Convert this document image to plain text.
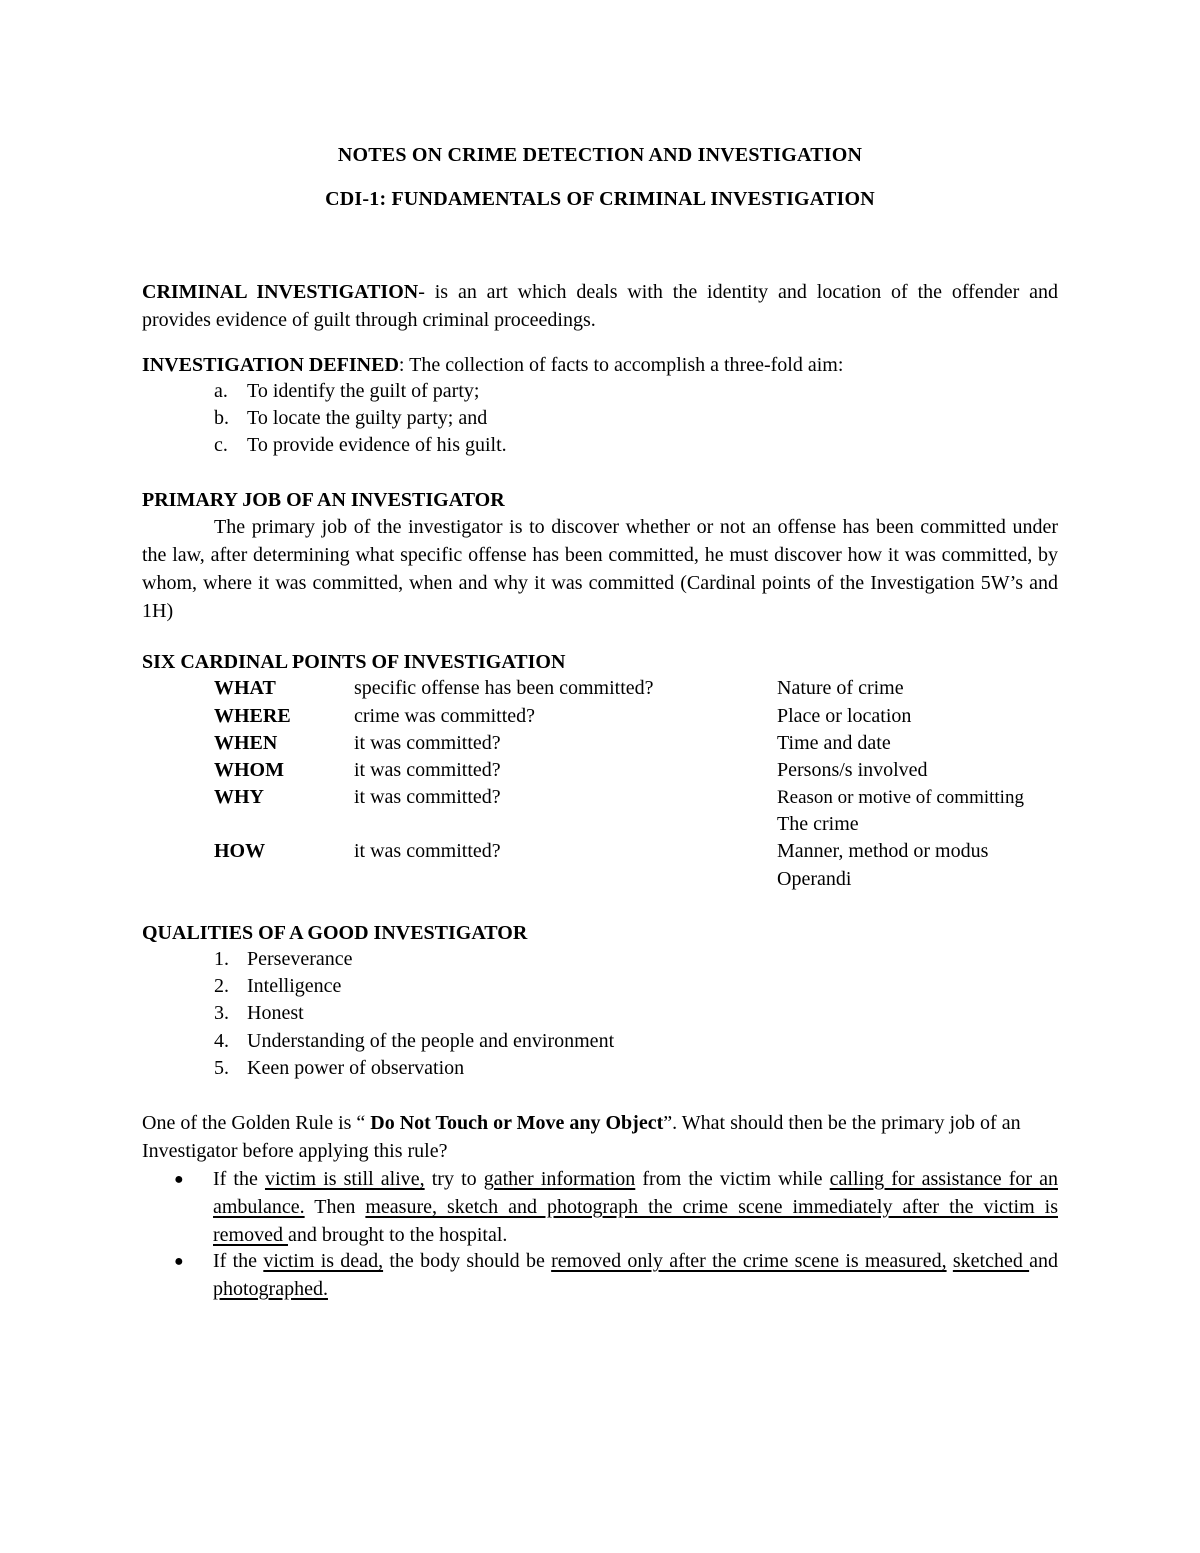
NOTES ON CRIME DETECTION AND INVESTIGATION
CDI-1: FUNDAMENTALS OF CRIMINAL INVESTIGATION
CRIMINAL INVESTIGATION- is an art which deals with the identity and location of the offender and provides evidence of guilt through criminal proceedings.
INVESTIGATION DEFINED: The collection of facts to accomplish a three-fold aim:
a. To identify the guilt of party;
b. To locate the guilty party; and
c. To provide evidence of his guilt.
PRIMARY JOB OF AN INVESTIGATOR
The primary job of the investigator is to discover whether or not an offense has been committed under the law, after determining what specific offense has been committed, he must discover how it was committed, by whom, where it was committed, when and why it was committed (Cardinal points of the Investigation 5W’s and 1H)
SIX CARDINAL POINTS OF INVESTIGATION
WHAT	specific offense has been committed?	Nature of crime
WHERE	crime was committed?	Place or location
WHEN	it was committed?	Time and date
WHOM	it was committed?	Persons/s involved
WHY	it was committed?	Reason or motive of committing
The crime
HOW	it was committed?	Manner, method or modus
Operandi
QUALITIES OF A GOOD INVESTIGATOR
1. Perseverance
2. Intelligence
3. Honest
4. Understanding of the people and environment
5. Keen power of observation
One of the Golden Rule is “ Do Not Touch or Move any Object”. What should then be the primary job of an Investigator before applying this rule?
● If the victim is still alive, try to gather information from the victim while calling for assistance for an ambulance. Then measure, sketch and photograph the crime scene immediately after the victim is removed and brought to the hospital.
● If the victim is dead, the body should be removed only after the crime scene is measured, sketched and photographed.
